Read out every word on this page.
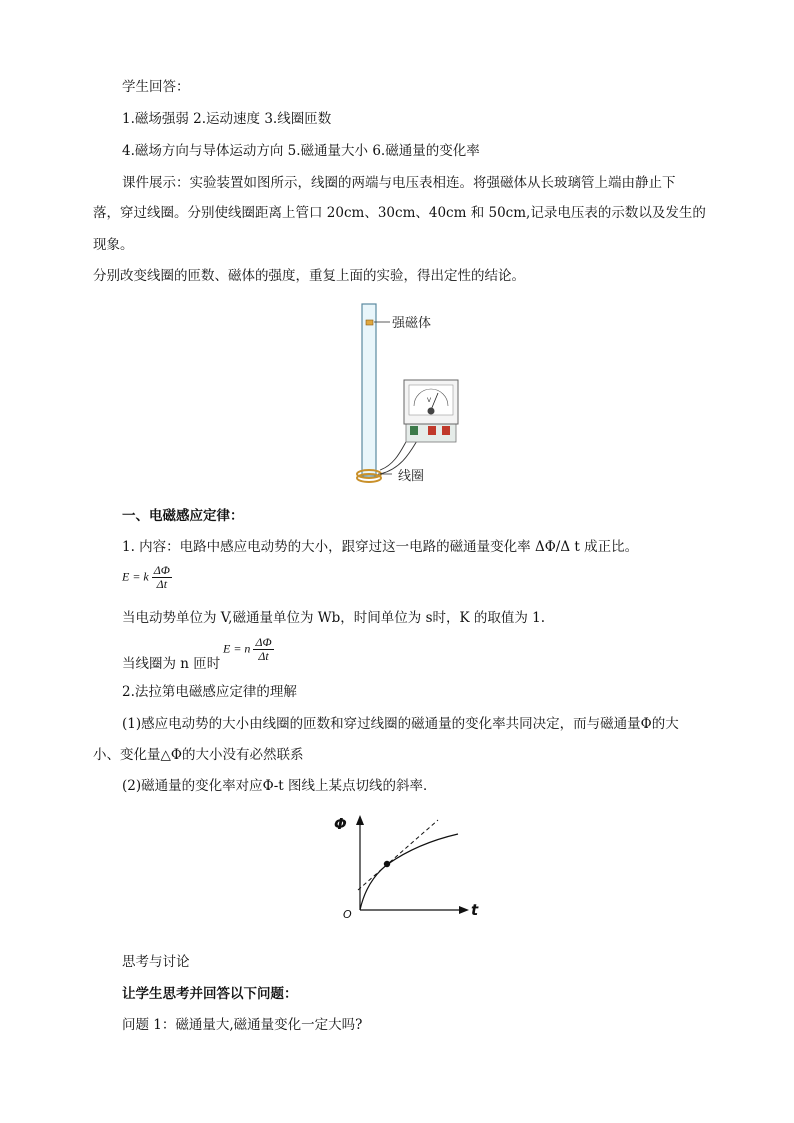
学生回答：
1.磁场强弱 2.运动速度 3.线圈匝数
4.磁场方向与导体运动方向 5.磁通量大小 6.磁通量的变化率
课件展示：实验装置如图所示，线圈的两端与电压表相连。将强磁体从长玻璃管上端由静止下
落，穿过线圈。分别使线圈距离上管口 20cm、30cm、40cm 和 50cm,记录电压表的示数以及发生的
现象。
分别改变线圈的匝数、磁体的强度，重复上面的实验，得出定性的结论。
强磁体
线圈
V
一、电磁感应定律：
1. 内容：电路中感应电动势的大小，跟穿过这一电路的磁通量变化率 ΔΦ/Δ t 成正比。
E = k $\frac{\Delta\Phi}{\Delta t}$
当电动势单位为 V,磁通量单位为 Wb，时间单位为 s时，K 的取值为 1.
当线圈为 n 匝时
E = n $\frac{\Delta\Phi}{\Delta t}$
2.法拉第电磁感应定律的理解
(1)感应电动势的大小由线圈的匝数和穿过线圈的磁通量的变化率共同决定，而与磁通量Φ的大
小、变化量△Φ的大小没有必然联系
(2)磁通量的变化率对应Φ-t 图线上某点切线的斜率．
Φ
t
O
思考与讨论
让学生思考并回答以下问题：
问题 1：磁通量大,磁通量变化一定大吗?
